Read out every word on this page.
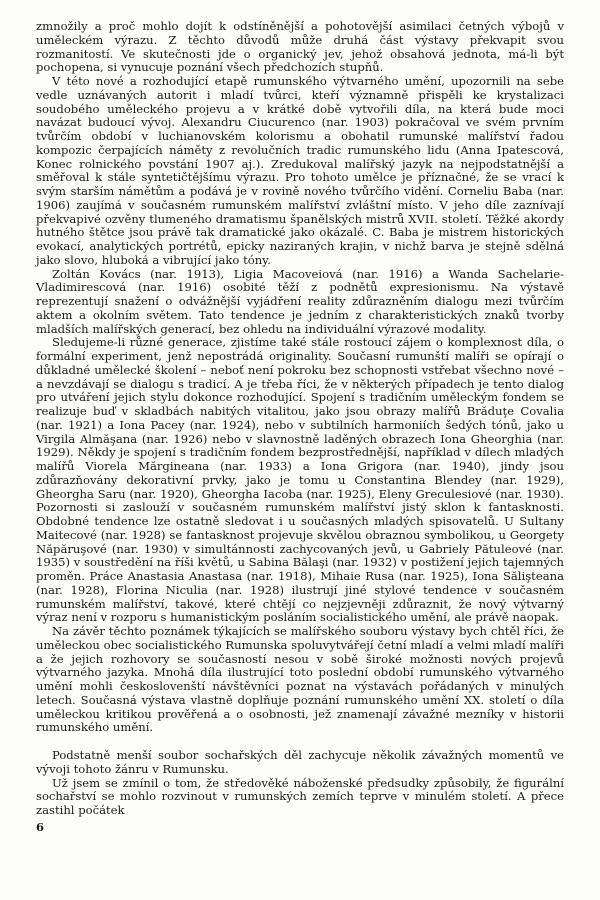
zmnožily a proč mohlo dojít k odstíněnější a pohotovější asimilaci četných výbojů v uměleckém výrazu. Z těchto důvodů může druhá část výstavy překvapit svou rozmanitostí. Ve skutečnosti jde o organický jev, jehož obsahová jednota, má-li být pochopena, si vynucuje poznání všech předchozích stupňů.

V této nové a rozhodující etapě rumunského výtvarného umění, upozornili na sebe vedle uznávaných autorit i mladí tvůrci, kteří významně přispěli ke krystalizaci soudobého uměleckého projevu a v krátké době vytvořili díla, na která bude moci navázat budoucí vývoj. Alexandru Ciucurenco (nar. 1903) pokračoval ve svém prvním tvůrčím období v luchianovském kolorismu a obohatil rumunské malířství řadou kompozic čerpajících náměty z revolučních tradic rumunského lidu (Anna Ipatescová, Konec rolnického povstání 1907 aj.). Zredukoval malířský jazyk na nejpodstatnější a směřoval k stále syntetičtějšímu výrazu. Pro tohoto umělce je příznačné, že se vrací k svým starším námětům a podává je v rovině nového tvůrčího vidění. Corneliu Baba (nar. 1906) zaujímá v současném rumunském malířství zvláštní místo. V jeho díle zaznívají překvapivé ozvěny tlumeného dramatismu španělských mistrů XVII. století. Těžké akordy hutného štětce jsou právě tak dramatické jako okázalé. C. Baba je mistrem historických evokací, analytických portrétů, epicky naziraných krajin, v nichž barva je stejně sdělná jako slovo, hluboká a vibrující jako tóny.

Zoltán Kovács (nar. 1913), Ligia Macoveiová (nar. 1916) a Wanda Sachelarie-Vladimirescová (nar. 1916) osobité těží z podnětů expresionismu. Na výstavě reprezentují snažení o odvážnější vyjádření reality zdůrazněním dialogu mezi tvůrčím aktem a okolním světem. Tato tendence je jedním z charakteristických znaků tvorby mladších malířských generací, bez ohledu na individuální výrazové modality.

Sledujeme-li různé generace, zjistíme také stále rostoucí zájem o komplexnost díla, o formální experiment, jenž nepostrádá originality. Současní rumunští malíři se opírají o důkladné umělecké školení – neboť není pokroku bez schopnosti vstřebat všechno nové – a nevzdávají se dialogu s tradicí. A je třeba říci, že v některých případech je tento dialog pro utváření jejich stylu dokonce rozhodující. Spojení s tradičním uměleckým fondem se realizuje buď v skladbách nabitých vitalitou, jako jsou obrazy malířů Brăduţe Covalia (nar. 1921) a Iona Pacey (nar. 1924), nebo v subtilních harmoniích šedých tónů, jako u Virgila Almăşana (nar. 1926) nebo v slavnostně laděných obrazech Iona Gheorghia (nar. 1929). Někdy je spojení s tradičním fondem bezprostřednější, například v dílech mladých malířů Viorela Mărgineana (nar. 1933) a Iona Grigora (nar. 1940), jindy jsou zdůrazňovány dekorativní prvky, jako je tomu u Constantina Blendey (nar. 1929), Gheorgha Saru (nar. 1920), Gheorgha Iacoba (nar. 1925), Eleny Greculesiové (nar. 1930). Pozornosti si zaslouží v současném rumunském malířství jistý sklon k fantasknosti. Obdobné tendence lze ostatně sledovat i u současných mladých spisovatelů. U Sultany Maitecové (nar. 1928) se fantasknost projevuje skvělou obraznou symbolikou, u Georgety Năpăruşové (nar. 1930) v simultánnosti zachycovaných jevů, u Gabriely Pătuleové (nar. 1935) v soustředění na říši květů, u Sabina Bălaşi (nar. 1932) v postižení jejich tajemných proměn. Práce Anastasia Anastasa (nar. 1918), Mihaie Rusa (nar. 1925), Iona Sălişteana (nar. 1928), Florina Niculia (nar. 1928) ilustrují jiné stylové tendence v současném rumunském malířství, takové, které chtějí co nejzjevněji zdůraznit, že nový výtvarný výraz není v rozporu s humanistickým posláním socialistického umění, ale právě naopak.

Na závěr těchto poznámek týkajících se malířského souboru výstavy bych chtěl říci, že uměleckou obec socialistického Rumunska spoluvytvářejí četní mladí a velmi mladí malíři a že jejich rozhovory se současností nesou v sobě široké možnosti nových projevů výtvarného jazyka. Mnohá díla ilustrující toto poslední období rumunského výtvarného umění mohli českoslovenští návštěvníci poznat na výstavách pořádaných v minulých letech. Současná výstava vlastně doplňuje poznání rumunského umění XX. století o díla uměleckou kritikou prověřená a o osobnosti, jež znamenají závažné mezníky v historii rumunského umění.

Podstatně menší soubor sochařských děl zachycuje několik závažných momentů ve vývoji tohoto žánru v Rumunsku.

Už jsem se zmínil o tom, že středověké náboženské předsudky způsobily, že figurální sochařství se mohlo rozvinout v rumunských zemích teprve v minulém století. A přece zastihl počátek

6
